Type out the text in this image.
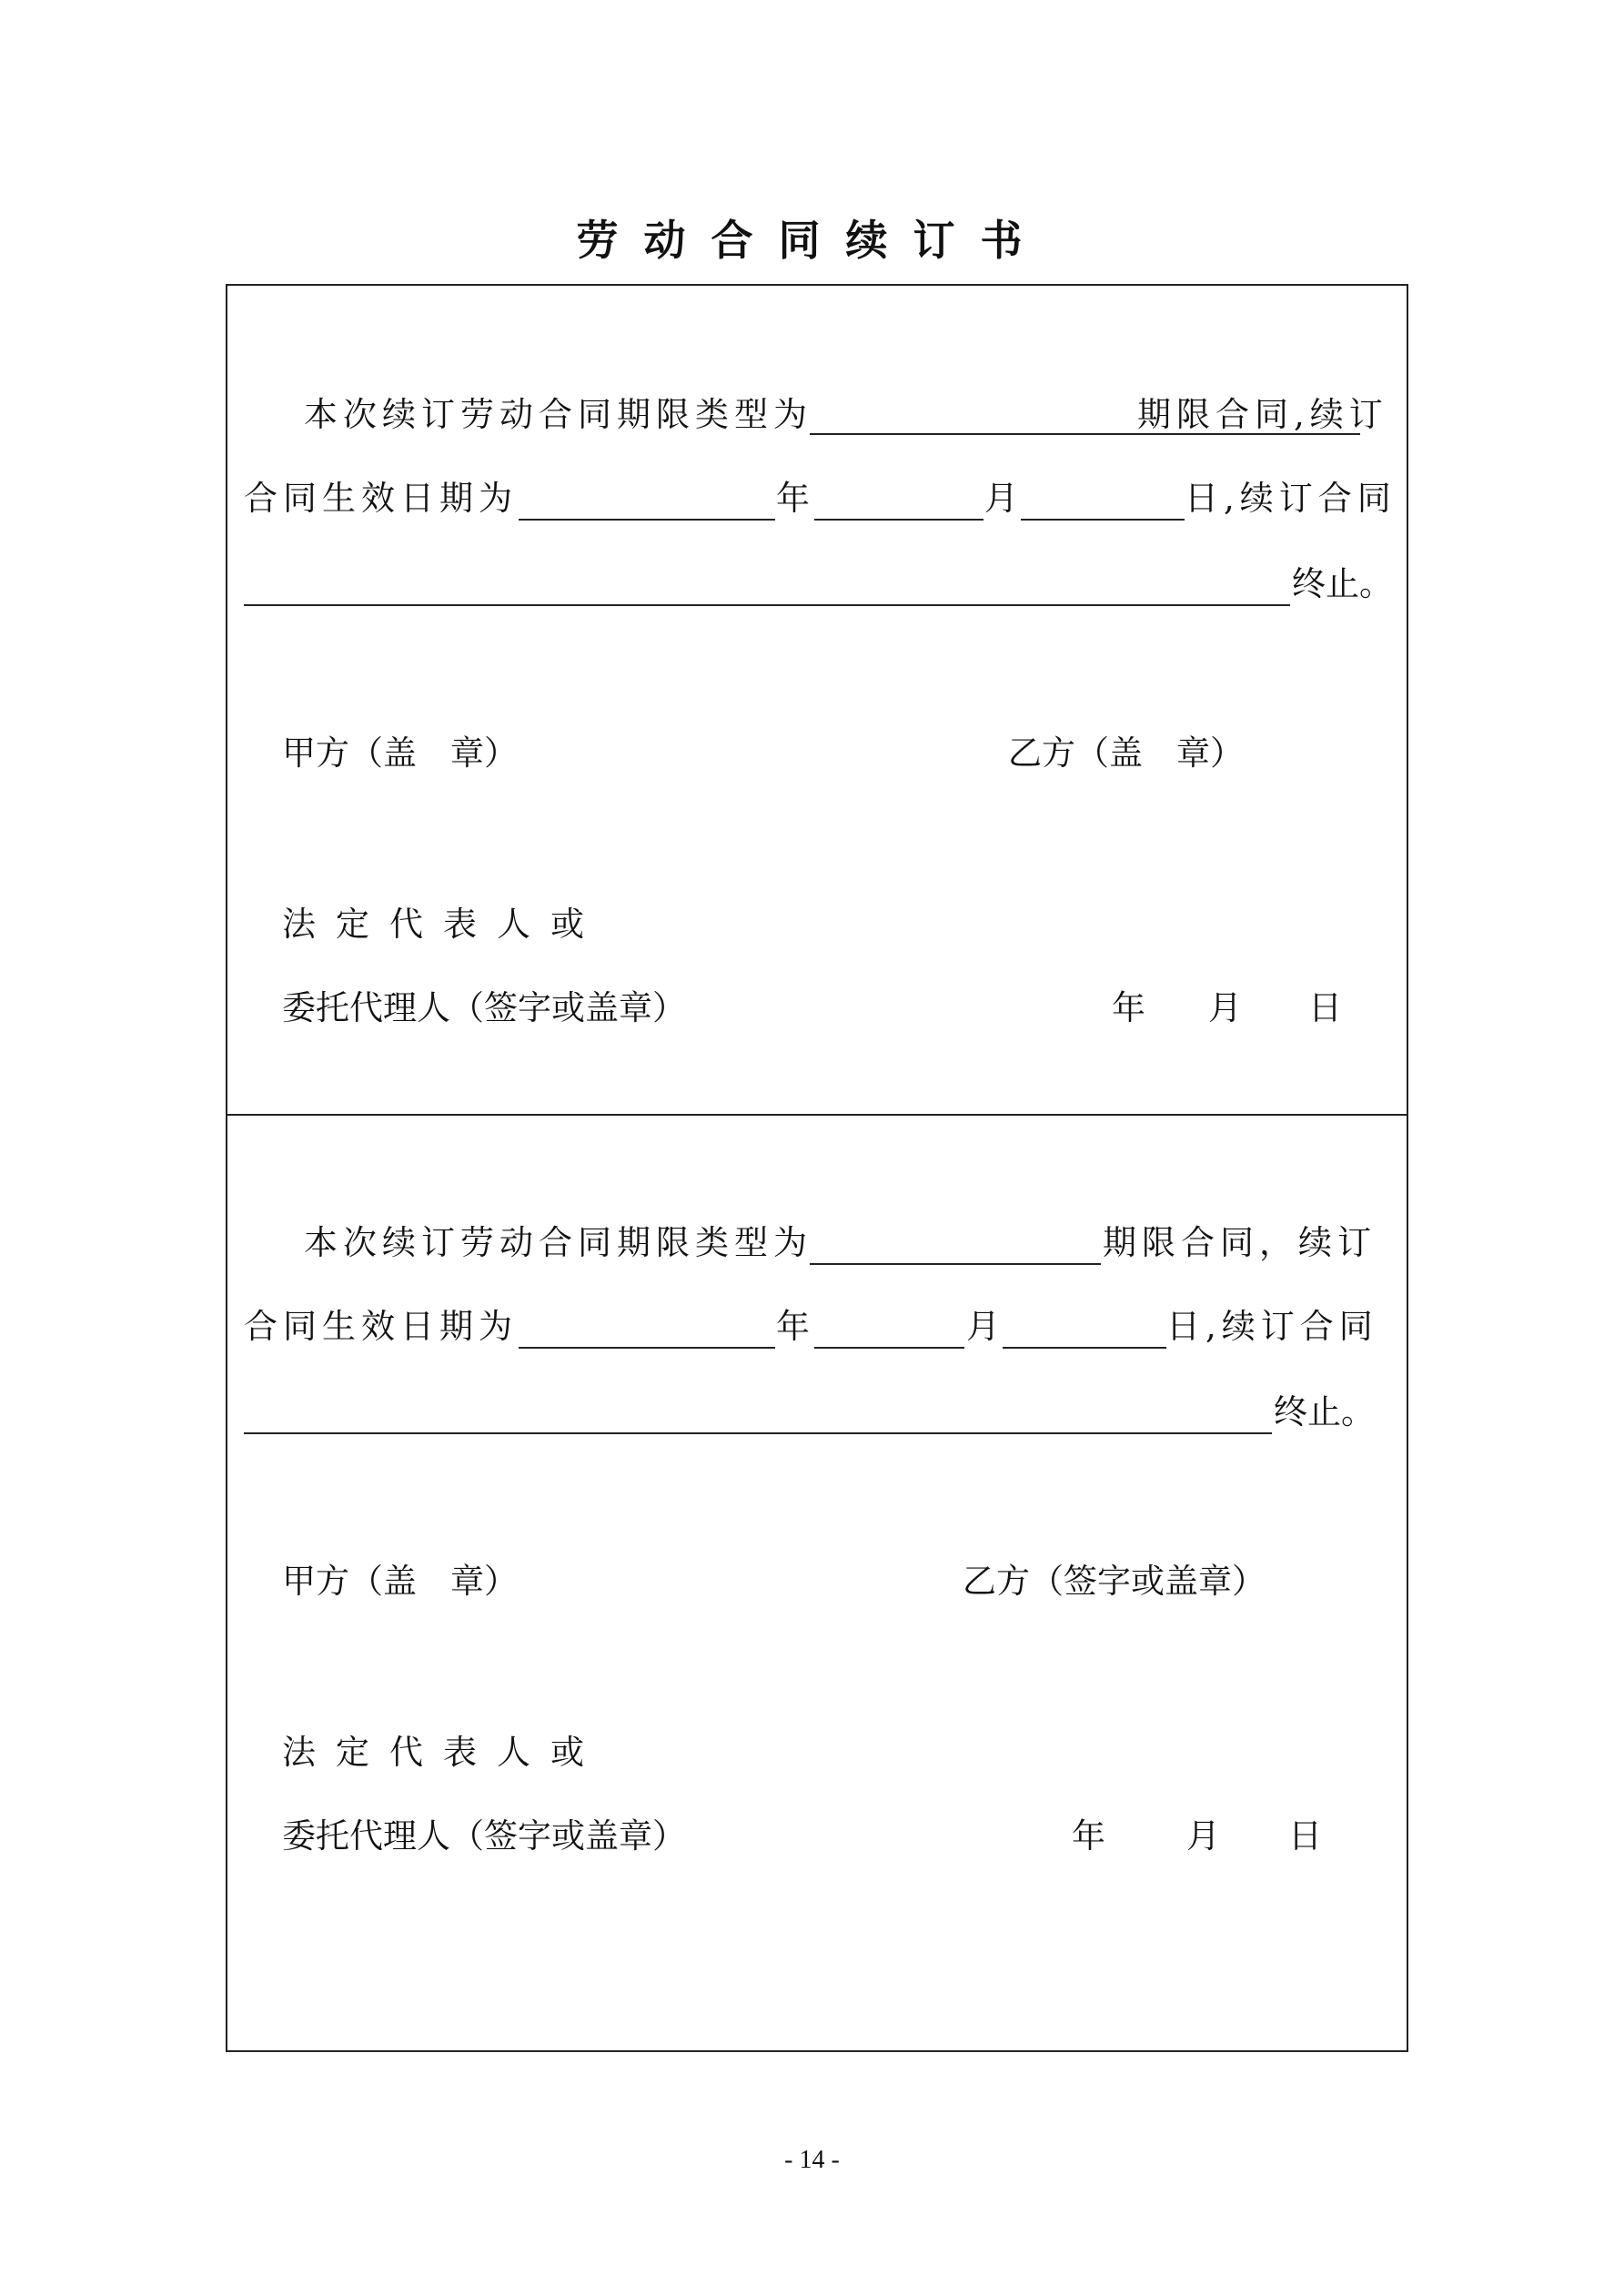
劳动合同续订书
本次续订劳动合同期限类型为	期限合同,续订
合同生效日期为	年	月	日,续订合同
终止。
甲方（盖　章）	乙方（盖　章）
法定代表人或
委托代理人（签字或盖章）	年 月 日
本次续订劳动合同期限类型为	期限合同，续订
合同生效日期为	年	月	日,续订合同
终止。
甲方（盖　章）	乙方（签字或盖章）
法定代表人或
委托代理人（签字或盖章）	年 月 日
- 14 -
